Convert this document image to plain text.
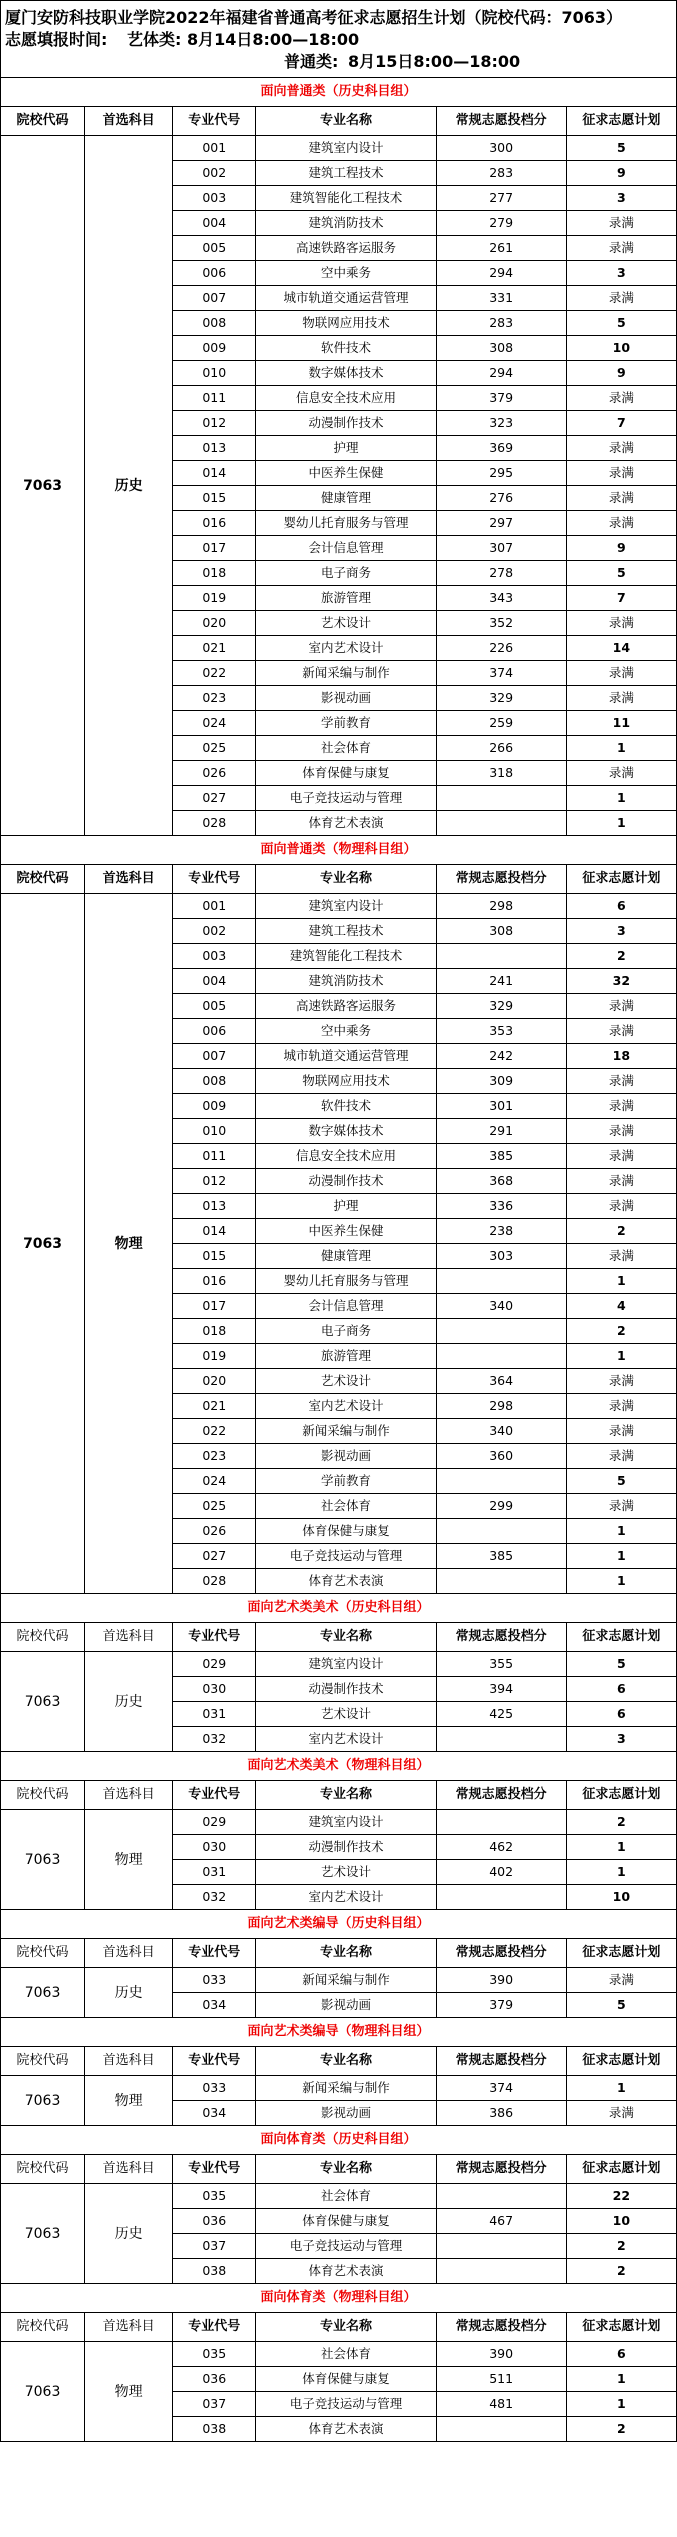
厦门安防科技职业学院2022年福建省普通高考征求志愿招生计划（院校代码：7063）
志愿填报时间: 艺体类: 8月14日8:00—18:00
普通类: 8月15日8:00—18:00
面向普通类（历史科目组）					
院校代码	首选科目	专业代号	专业名称	常规志愿投档分	征求志愿计划
7063	历史	001	建筑室内设计	300	5
		002	建筑工程技术	283	9
		003	建筑智能化工程技术	277	3
		004	建筑消防技术	279	录满
		005	高速铁路客运服务	261	录满
		006	空中乘务	294	3
		007	城市轨道交通运营管理	331	录满
		008	物联网应用技术	283	5
		009	软件技术	308	10
		010	数字媒体技术	294	9
		011	信息安全技术应用	379	录满
		012	动漫制作技术	323	7
		013	护理	369	录满
		014	中医养生保健	295	录满
		015	健康管理	276	录满
		016	婴幼儿托育服务与管理	297	录满
		017	会计信息管理	307	9
		018	电子商务	278	5
		019	旅游管理	343	7
		020	艺术设计	352	录满
		021	室内艺术设计	226	14
		022	新闻采编与制作	374	录满
		023	影视动画	329	录满
		024	学前教育	259	11
		025	社会体育	266	1
		026	体育保健与康复	318	录满
		027	电子竞技运动与管理		1
		028	体育艺术表演		1
面向普通类（物理科目组）					
院校代码	首选科目	专业代号	专业名称	常规志愿投档分	征求志愿计划
7063	物理	001	建筑室内设计	298	6
		002	建筑工程技术	308	3
		003	建筑智能化工程技术		2
		004	建筑消防技术	241	32
		005	高速铁路客运服务	329	录满
		006	空中乘务	353	录满
		007	城市轨道交通运营管理	242	18
		008	物联网应用技术	309	录满
		009	软件技术	301	录满
		010	数字媒体技术	291	录满
		011	信息安全技术应用	385	录满
		012	动漫制作技术	368	录满
		013	护理	336	录满
		014	中医养生保健	238	2
		015	健康管理	303	录满
		016	婴幼儿托育服务与管理		1
		017	会计信息管理	340	4
		018	电子商务		2
		019	旅游管理		1
		020	艺术设计	364	录满
		021	室内艺术设计	298	录满
		022	新闻采编与制作	340	录满
		023	影视动画	360	录满
		024	学前教育		5
		025	社会体育	299	录满
		026	体育保健与康复		1
		027	电子竞技运动与管理	385	1
		028	体育艺术表演		1
面向艺术类美术（历史科目组）					
院校代码	首选科目	专业代号	专业名称	常规志愿投档分	征求志愿计划
7063	历史	029	建筑室内设计	355	5
		030	动漫制作技术	394	6
		031	艺术设计	425	6
		032	室内艺术设计		3
面向艺术类美术（物理科目组）					
院校代码	首选科目	专业代号	专业名称	常规志愿投档分	征求志愿计划
7063	物理	029	建筑室内设计		2
		030	动漫制作技术	462	1
		031	艺术设计	402	1
		032	室内艺术设计		10
面向艺术类编导（历史科目组）					
院校代码	首选科目	专业代号	专业名称	常规志愿投档分	征求志愿计划
7063	历史	033	新闻采编与制作	390	录满
		034	影视动画	379	5
面向艺术类编导（物理科目组）					
院校代码	首选科目	专业代号	专业名称	常规志愿投档分	征求志愿计划
7063	物理	033	新闻采编与制作	374	1
		034	影视动画	386	录满
面向体育类（历史科目组）					
院校代码	首选科目	专业代号	专业名称	常规志愿投档分	征求志愿计划
7063	历史	035	社会体育		22
		036	体育保健与康复	467	10
		037	电子竞技运动与管理		2
		038	体育艺术表演		2
面向体育类（物理科目组）					
院校代码	首选科目	专业代号	专业名称	常规志愿投档分	征求志愿计划
7063	物理	035	社会体育	390	6
		036	体育保健与康复	511	1
		037	电子竞技运动与管理	481	1
		038	体育艺术表演		2
